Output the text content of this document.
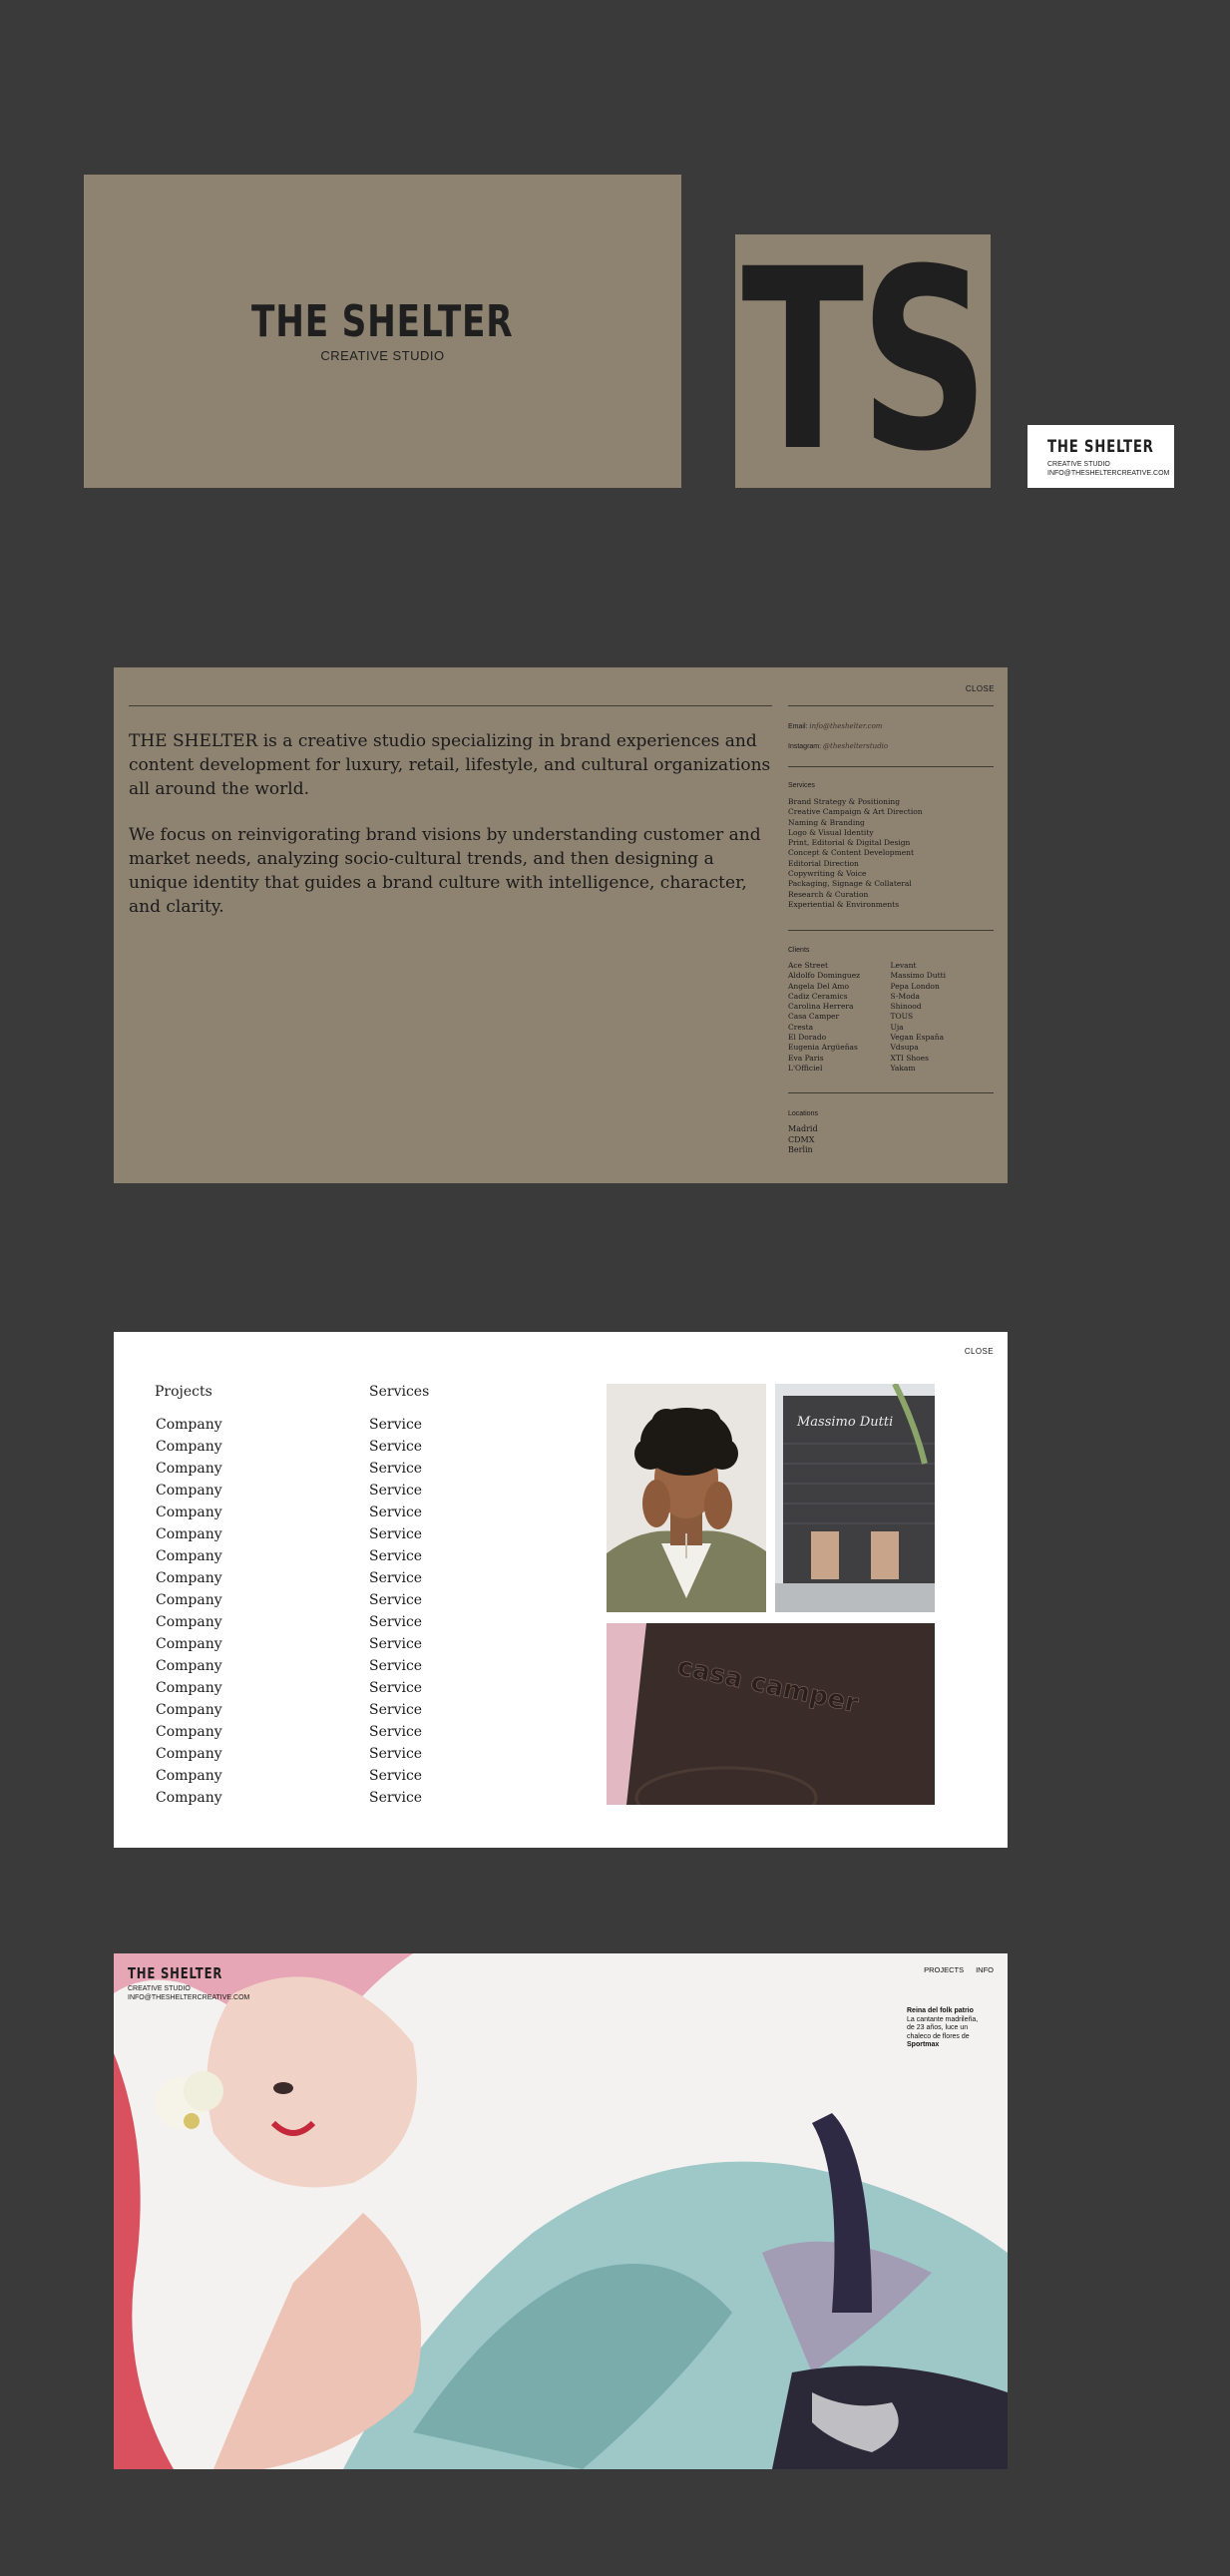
THE SHELTER
CREATIVE STUDIO TS	THE SHELTER
CREATIVE STUDIO
INFO@THESHELTERCREATIVE.COM
CLOSE

THE SHELTER is a creative studio specializing in brand experiences and content development for luxury, retail, lifestyle, and cultural organizations all around the world.

We focus on reinvigorating brand visions by understanding customer and market needs, analyzing socio-cultural trends, and then designing a unique identity that guides a brand culture with intelligence, character, and clarity.

Email: info@theshelter.com
Instagram: @theshelterstudio
Services
Brand Strategy & Positioning
Creative Campaign & Art Direction
Naming & Branding
Logo & Visual Identity
Print, Editorial & Digital Design
Concept & Content Development
Editorial Direction
Copywriting & Voice
Packaging, Signage & Collateral
Research & Curation
Experiential & Environments
Clients
Ace Street
Aldolfo Dominguez
Angela Del Amo
Cadiz Ceramics
Carolina Herrera
Casa Camper
Cresta
El Dorado
Eugenia Argüeñas
Eva Paris
L'Officiel
Levant
Massimo Dutti
Pepa London
S-Moda
Shinood
TOUS
Uja
Vegan España
Vdsupa
XTI Shoes
Yakam
Locations
Madrid
CDMX
Berlin
CLOSE
Projects	Services
Company
Company
Company
Company
Company
Company
Company
Company
Company
Company
Company
Company
Company
Company
Company
Company
Company
Company
Service
Service
Service
Service
Service
Service
Service
Service
Service
Service
Service
Service
Service
Service
Service
Service
Service
Service
Massimo Dutti
casa camper
THE SHELTER
CREATIVE STUDIO
INFO@THESHELTERCREATIVE.COM
PROJECTS INFO
Reina del folk patrio
La cantante madrileña, de 23 años, luce un chaleco de flores de
Sportmax
